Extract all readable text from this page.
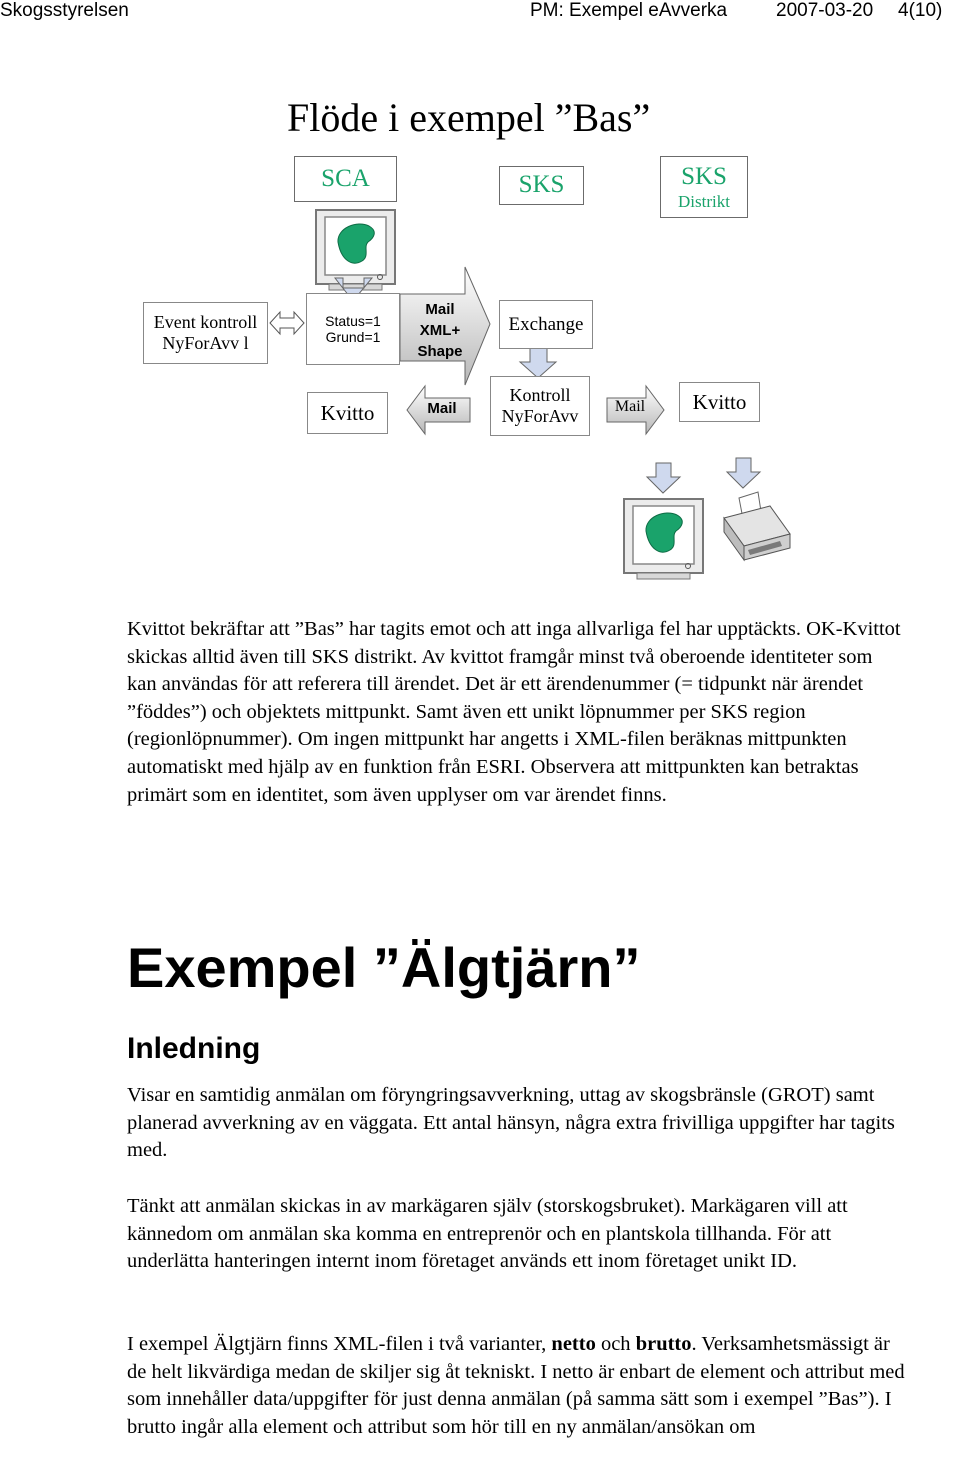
Skogsstyrelsen	PM: Exempel eAvverka	2007-03-20 4(10)
Flöde i exempel ”Bas”
SCA	SKS	SKS
Distrikt
Event kontroll
NyForAvv l
Status=1
Grund=1
Mail
XML+
Shape
Exchange
Kvitto	Mail
Kontroll
NyForAvv	Mail Kvitto

Kvittot bekräftar att ”Bas” har tagits emot och att inga allvarliga fel har upptäckts. OK-Kvittot skickas alltid även till SKS distrikt. Av kvittot framgår minst två oberoende identiteter som kan användas för att referera till ärendet. Det är ett ärendenummer (= tidpunkt när ärendet ”föddes”) och objektets mittpunkt. Samt även ett unikt löpnummer per SKS region (regionlöpnummer). Om ingen mittpunkt har angetts i XML-filen beräknas mittpunkten automatiskt med hjälp av en funktion från ESRI. Observera att mittpunkten kan betraktas primärt som en identitet, som även upplyser om var ärendet finns.

Exempel ”Älgtjärn”
Inledning

Visar en samtidig anmälan om föryngringsavverkning, uttag av skogsbränsle (GROT) samt planerad avverkning av en väggata. Ett antal hänsyn, några extra frivilliga uppgifter har tagits med.

Tänkt att anmälan skickas in av markägaren själv (storskogsbruket). Markägaren vill att kännedom om anmälan ska komma en entreprenör och en plantskola tillhanda. För att underlätta hanteringen internt inom företaget används ett inom företaget unikt ID.

I exempel Älgtjärn finns XML-filen i två varianter, netto och brutto. Verksamhetsmässigt är de helt likvärdiga medan de skiljer sig åt tekniskt. I netto är enbart de element och attribut med som innehåller data/uppgifter för just denna anmälan (på samma sätt som i exempel ”Bas”). I brutto ingår alla element och attribut som hör till en ny anmälan/ansökan om
